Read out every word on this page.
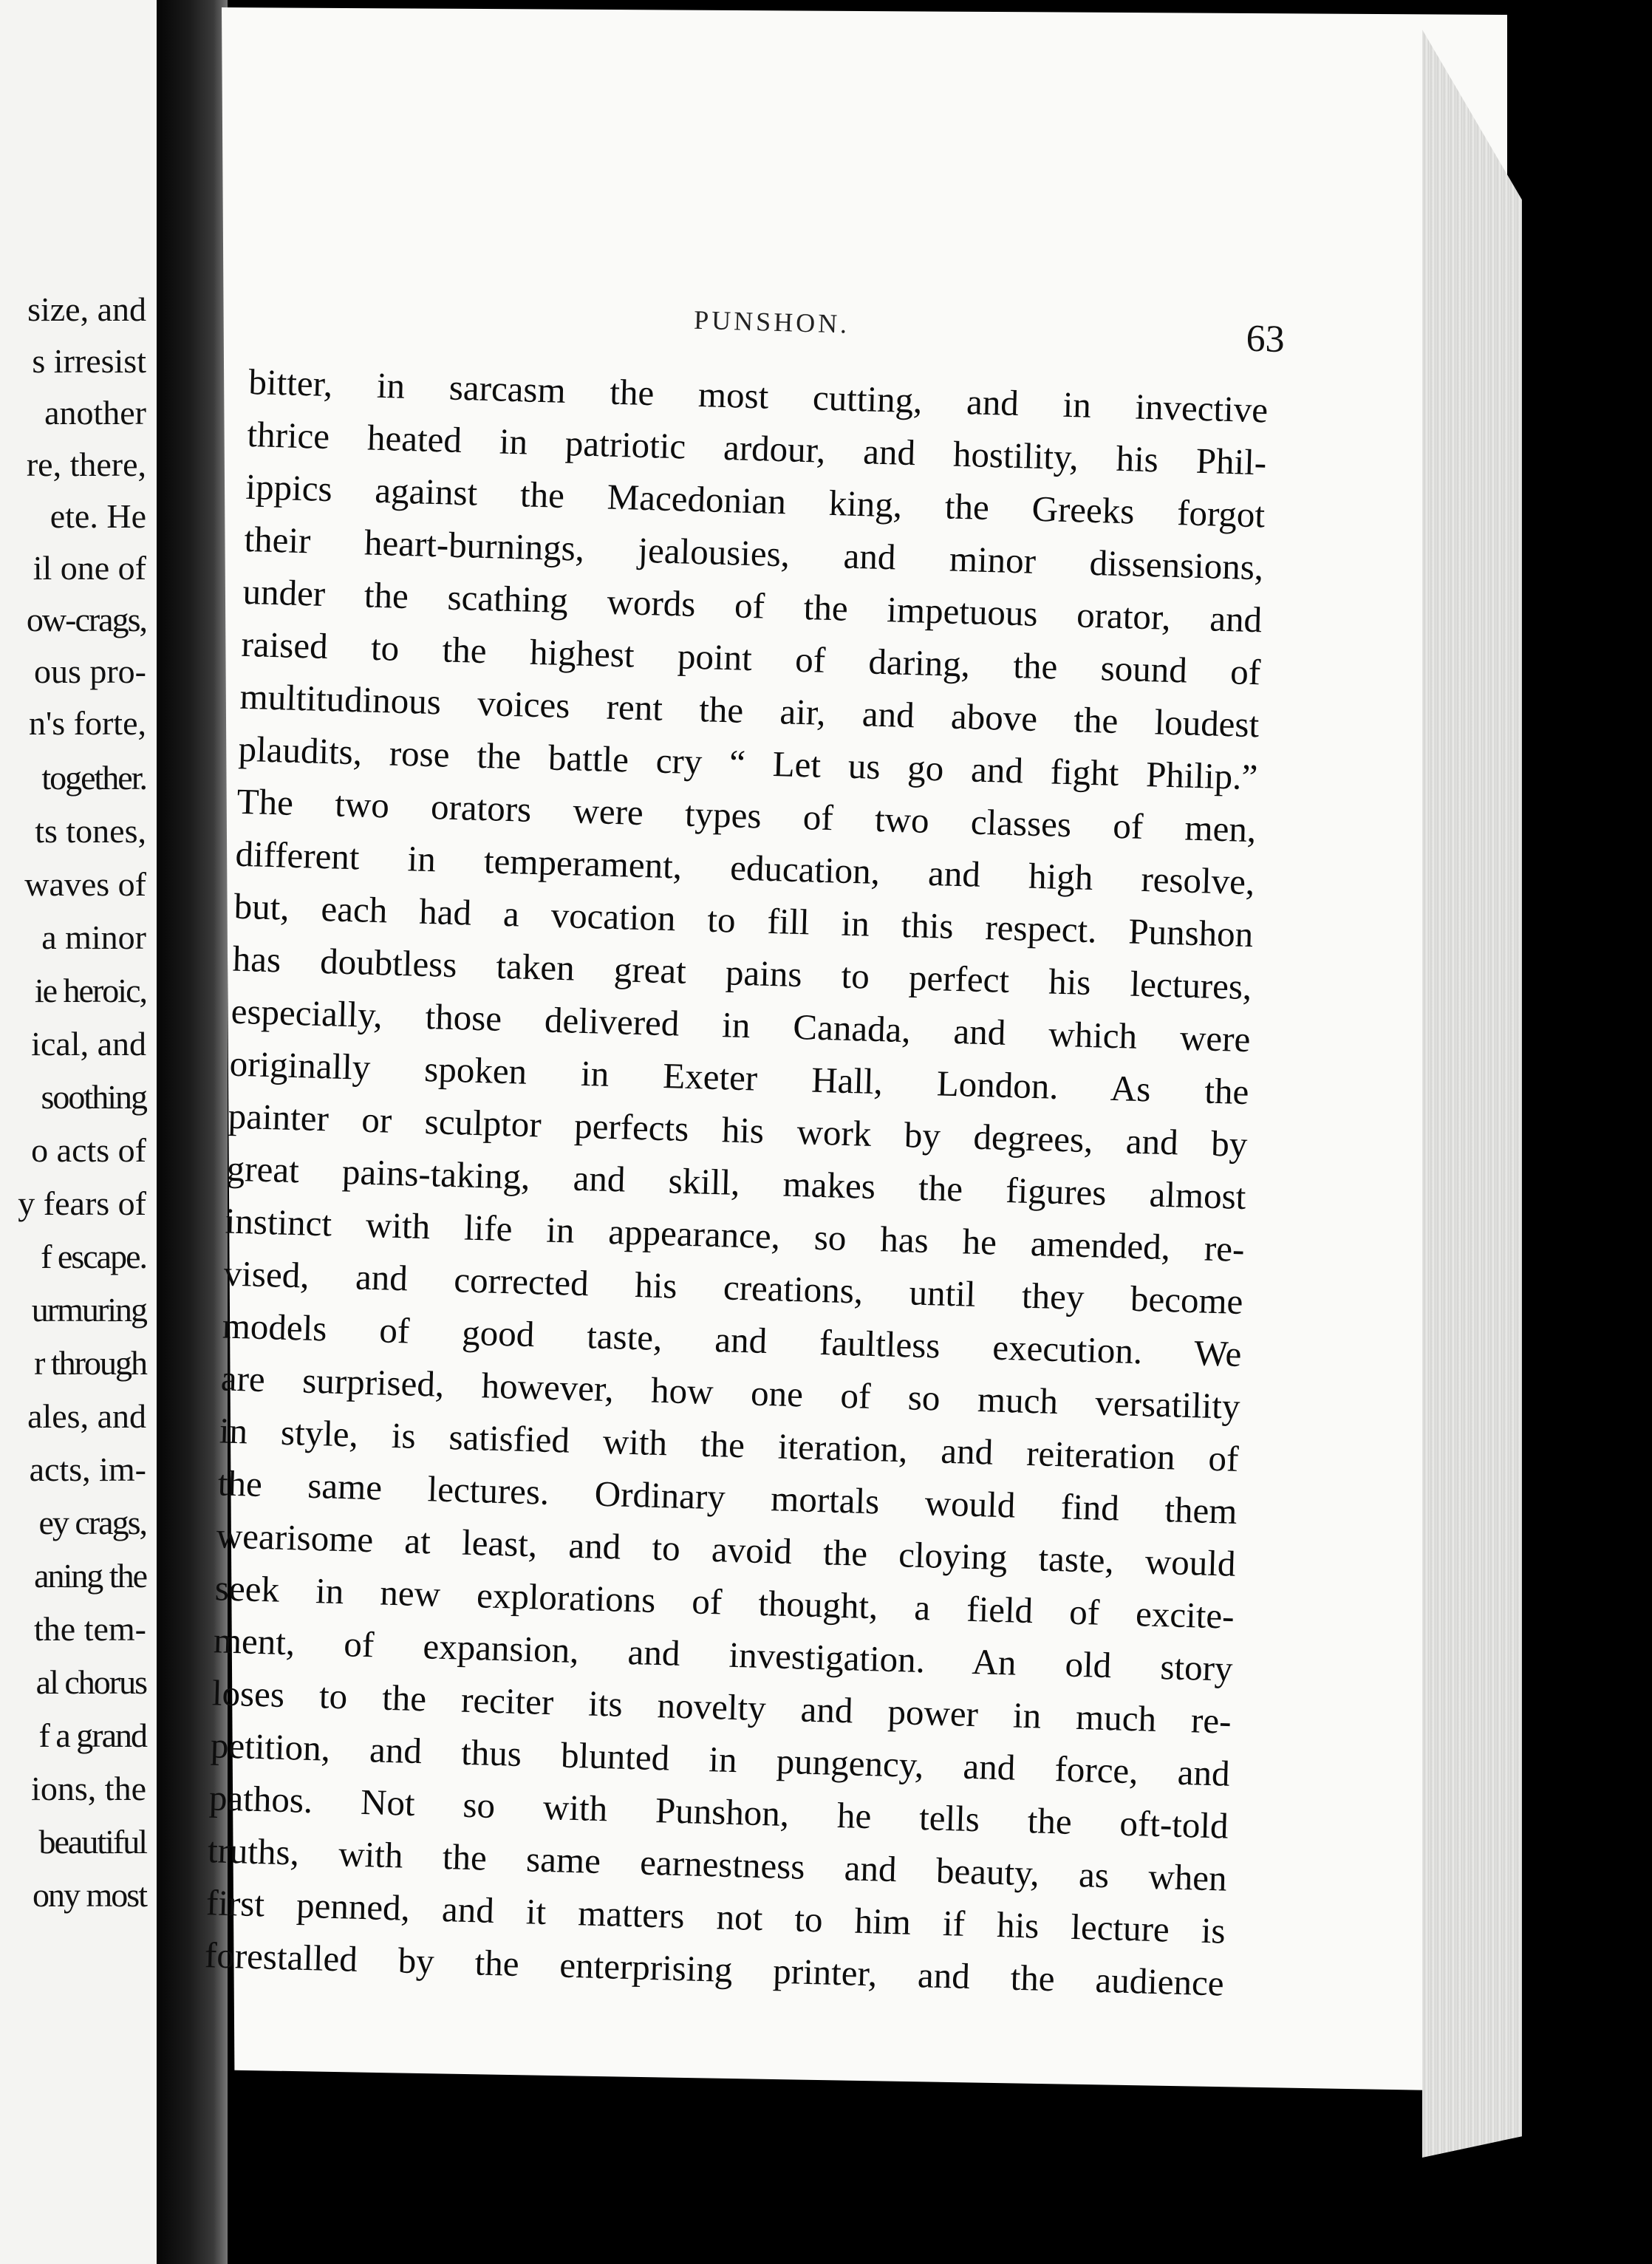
size, and
s irresist
another
re, there,
ete. He
il one of
ow-crags,
ous pro-
n's forte,
together.
ts tones,
waves of
a minor
ie heroic,
ical, and
soothing
o acts of
y fears of
f escape.
urmuring
r through
ales, and
acts, im-
ey crags,
aning the
the tem-
al chorus
f a grand
ions, the
beautiful
ony most
PUNSHON.	63
bitter, in sarcasm the most cutting, and in invective
thrice heated in patriotic ardour, and hostility, his Phil-
ippics against the Macedonian king, the Greeks forgot
their heart-burnings, jealousies, and minor dissensions,
under the scathing words of the impetuous orator, and
raised to the highest point of daring, the sound of
multitudinous voices rent the air, and above the loudest
plaudits, rose the battle cry “ Let us go and fight Philip.”
The two orators were types of two classes of men,
different in temperament, education, and high resolve,
but, each had a vocation to fill in this respect. Punshon
has doubtless taken great pains to perfect his lectures,
especially, those delivered in Canada, and which were
originally spoken in Exeter Hall, London. As the
painter or sculptor perfects his work by degrees, and by
great pains-taking, and skill, makes the figures almost
instinct with life in appearance, so has he amended, re-
vised, and corrected his creations, until they become
models of good taste, and faultless execution. We
are surprised, however, how one of so much versatility
in style, is satisfied with the iteration, and reiteration of
the same lectures. Ordinary mortals would find them
wearisome at least, and to avoid the cloying taste, would
seek in new explorations of thought, a field of excite-
ment, of expansion, and investigation. An old story
loses to the reciter its novelty and power in much re-
petition, and thus blunted in pungency, and force, and
pathos. Not so with Punshon, he tells the oft-told
truths, with the same earnestness and beauty, as when
first penned, and it matters not to him if his lecture is
forestalled by the enterprising printer, and the audience
